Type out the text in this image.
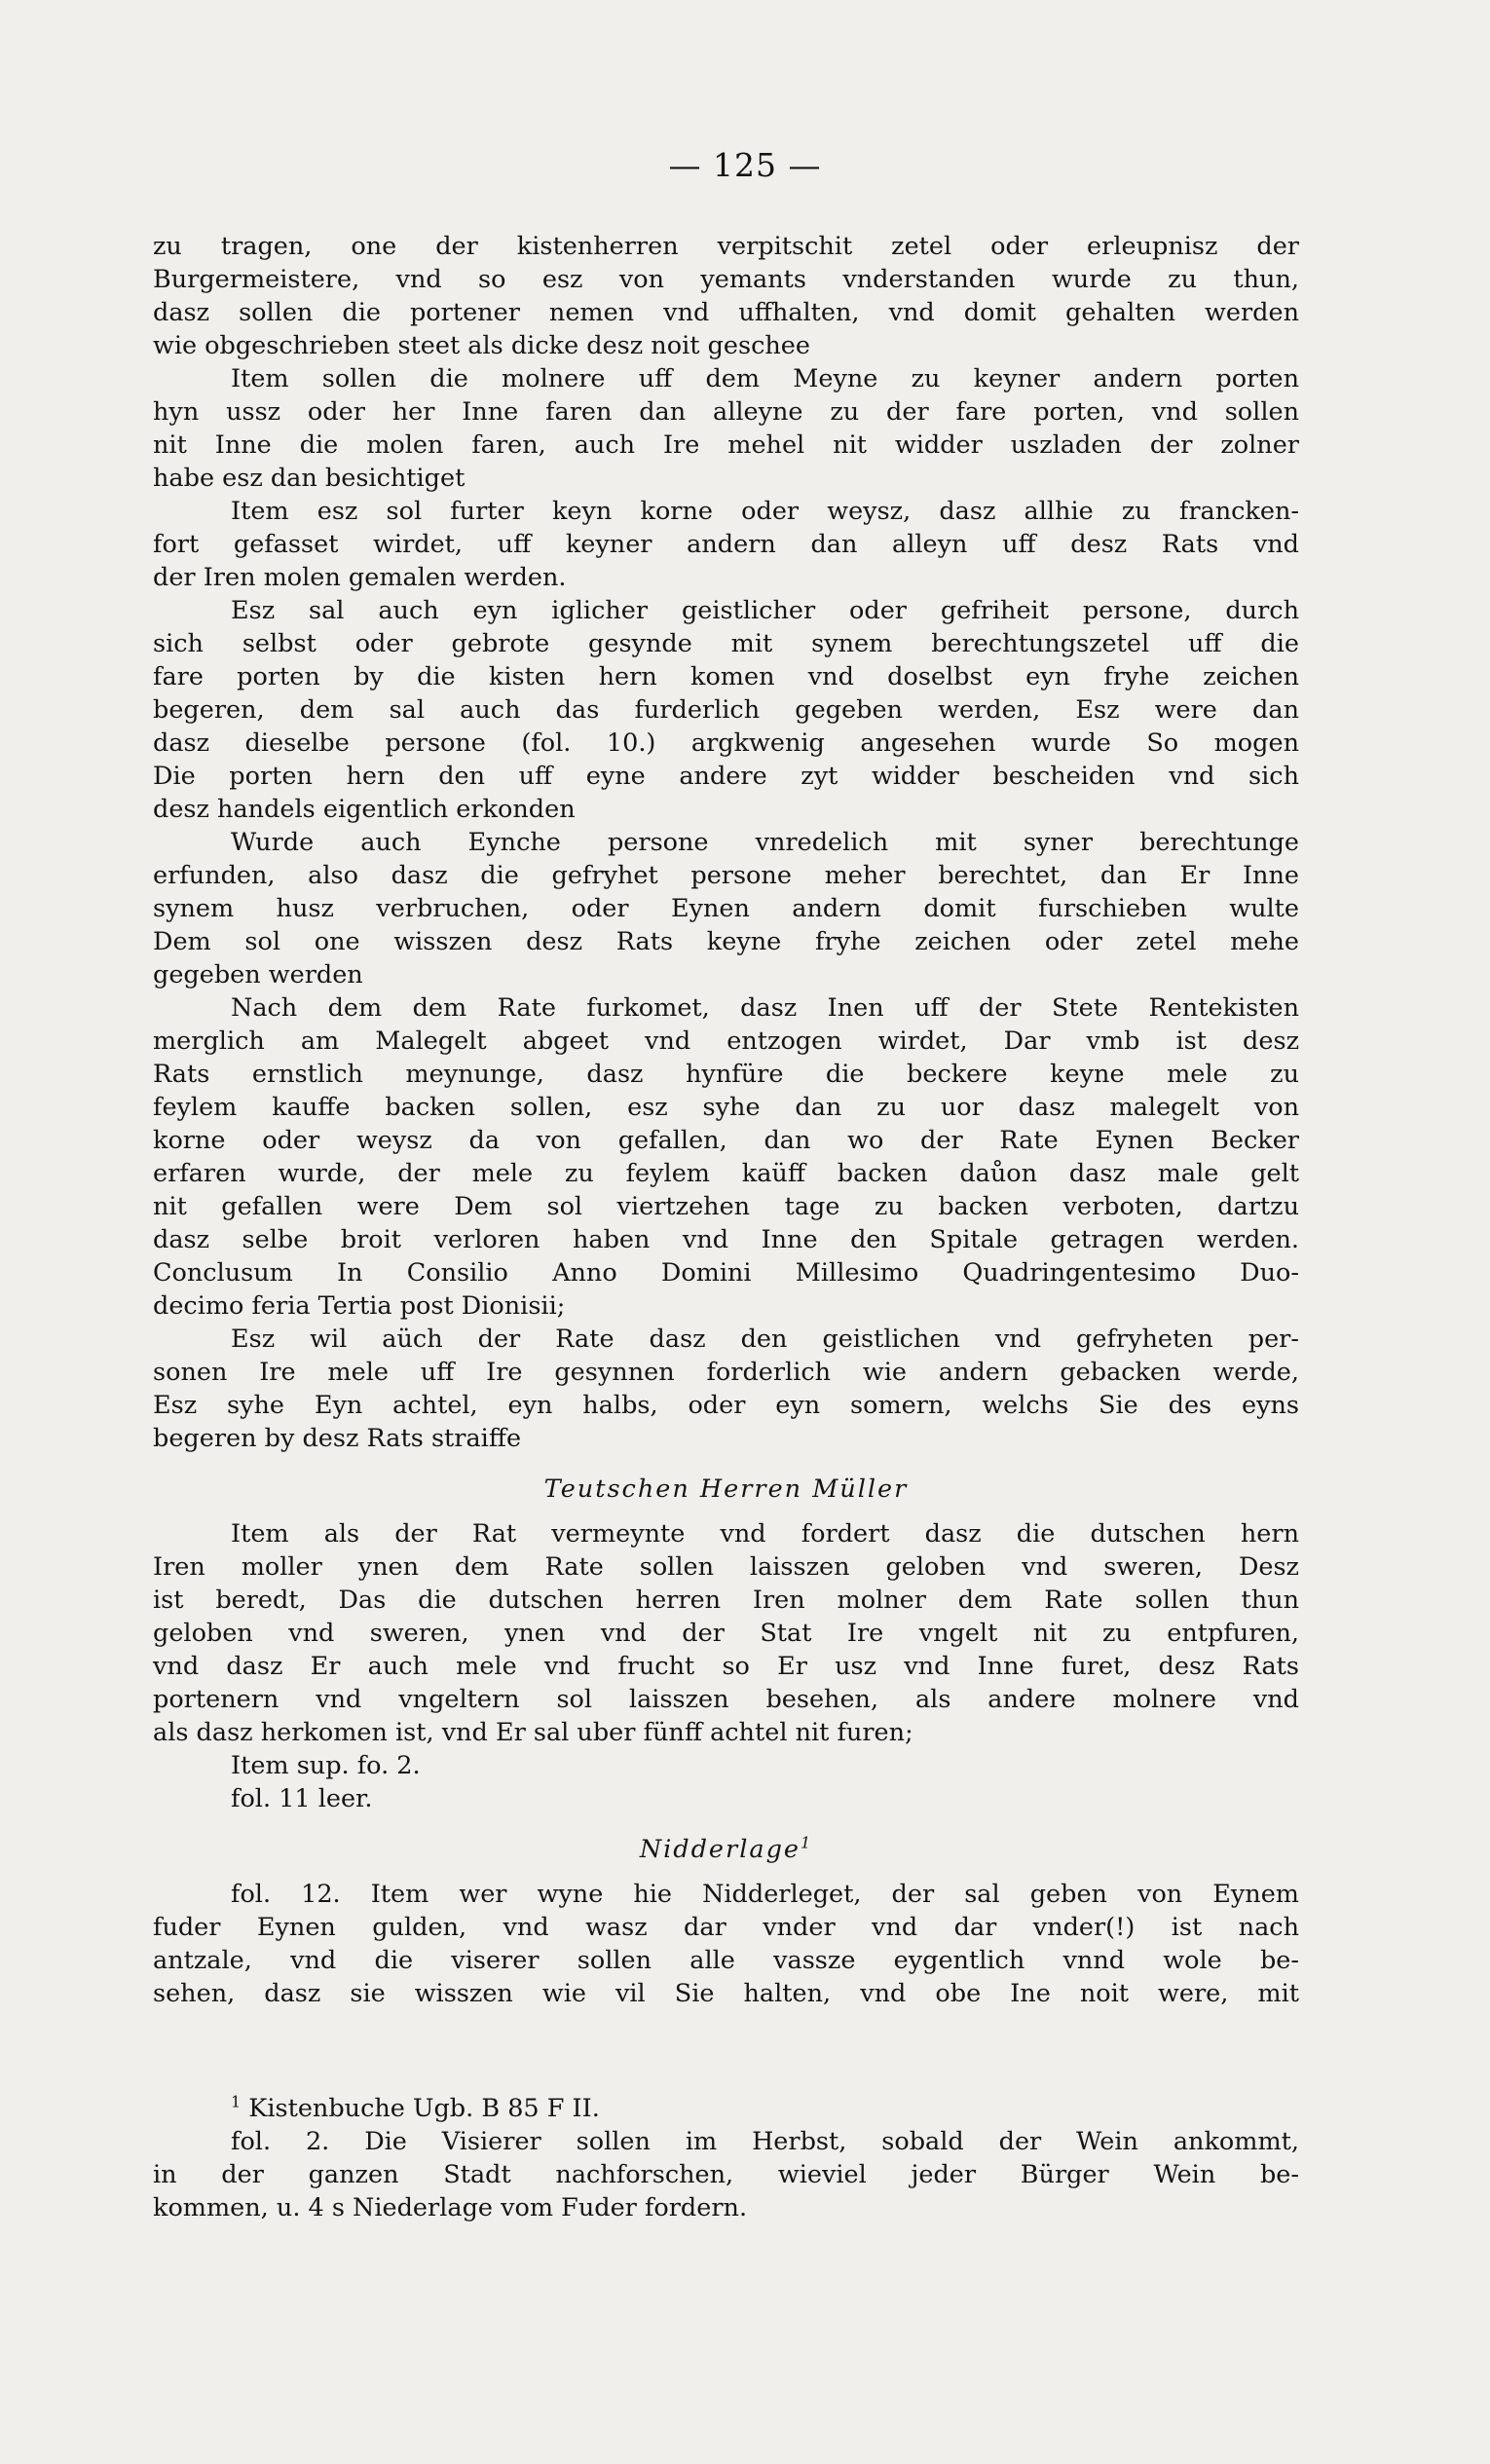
— 125 —
zu tragen, one der kistenherren verpitschit zetel oder erleupnisz der
Burgermeistere, vnd so esz von yemants vnderstanden wurde zu thun,
dasz sollen die portener nemen vnd uffhalten, vnd domit gehalten werden
wie obgeschrieben steet als dicke desz noit geschee
Item sollen die molnere uff dem Meyne zu keyner andern porten
hyn ussz oder her Inne faren dan alleyne zu der fare porten, vnd sollen
nit Inne die molen faren, auch Ire mehel nit widder uszladen der zolner
habe esz dan besichtiget
Item esz sol furter keyn korne oder weysz, dasz allhie zu francken-
fort gefasset wirdet, uff keyner andern dan alleyn uff desz Rats vnd
der Iren molen gemalen werden.
Esz sal auch eyn iglicher geistlicher oder gefriheit persone, durch
sich selbst oder gebrote gesynde mit synem berechtungszetel uff die
fare porten by die kisten hern komen vnd doselbst eyn fryhe zeichen
begeren, dem sal auch das furderlich gegeben werden, Esz were dan
dasz dieselbe persone (fol. 10.) argkwenig angesehen wurde So mogen
Die porten hern den uff eyne andere zyt widder bescheiden vnd sich
desz handels eigentlich erkonden
Wurde auch Eynche persone vnredelich mit syner berechtunge
erfunden, also dasz die gefryhet persone meher berechtet, dan Er Inne
synem husz verbruchen, oder Eynen andern domit furschieben wulte
Dem sol one wisszen desz Rats keyne fryhe zeichen oder zetel mehe
gegeben werden
Nach dem dem Rate furkomet, dasz Inen uff der Stete Rentekisten
merglich am Malegelt abgeet vnd entzogen wirdet, Dar vmb ist desz
Rats ernstlich meynunge, dasz hynfüre die beckere keyne mele zu
feylem kauffe backen sollen, esz syhe dan zu uor dasz malegelt von
korne oder weysz da von gefallen, dan wo der Rate Eynen Becker
erfaren wurde, der mele zu feylem kaüff backen daůon dasz male gelt
nit gefallen were Dem sol viertzehen tage zu backen verboten, dartzu
dasz selbe broit verloren haben vnd Inne den Spitale getragen werden.
Conclusum In Consilio Anno Domini Millesimo Quadringentesimo Duo-
decimo feria Tertia post Dionisii;
Esz wil aüch der Rate dasz den geistlichen vnd gefryheten per-
sonen Ire mele uff Ire gesynnen forderlich wie andern gebacken werde,
Esz syhe Eyn achtel, eyn halbs, oder eyn somern, welchs Sie des eyns
begeren by desz Rats straiffe
Teutschen Herren Müller
Item als der Rat vermeynte vnd fordert dasz die dutschen hern
Iren moller ynen dem Rate sollen laisszen geloben vnd sweren, Desz
ist beredt, Das die dutschen herren Iren molner dem Rate sollen thun
geloben vnd sweren, ynen vnd der Stat Ire vngelt nit zu entpfuren,
vnd dasz Er auch mele vnd frucht so Er usz vnd Inne furet, desz Rats
portenern vnd vngeltern sol laisszen besehen, als andere molnere vnd
als dasz herkomen ist, vnd Er sal uber fünff achtel nit furen;
Item sup. fo. 2.
fol. 11 leer.
Nidderlage$^1$
fol. 12. Item wer wyne hie Nidderleget, der sal geben von Eynem
fuder Eynen gulden, vnd wasz dar vnder vnd dar vnder(!) ist nach
antzale, vnd die viserer sollen alle vassze eygentlich vnnd wole be-
sehen, dasz sie wisszen wie vil Sie halten, vnd obe Ine noit were, mit
$^1$ Kistenbuche Ugb. B 85 F II.
fol. 2. Die Visierer sollen im Herbst, sobald der Wein ankommt,
in der ganzen Stadt nachforschen, wieviel jeder Bürger Wein be-
kommen, u. 4 s Niederlage vom Fuder fordern.
